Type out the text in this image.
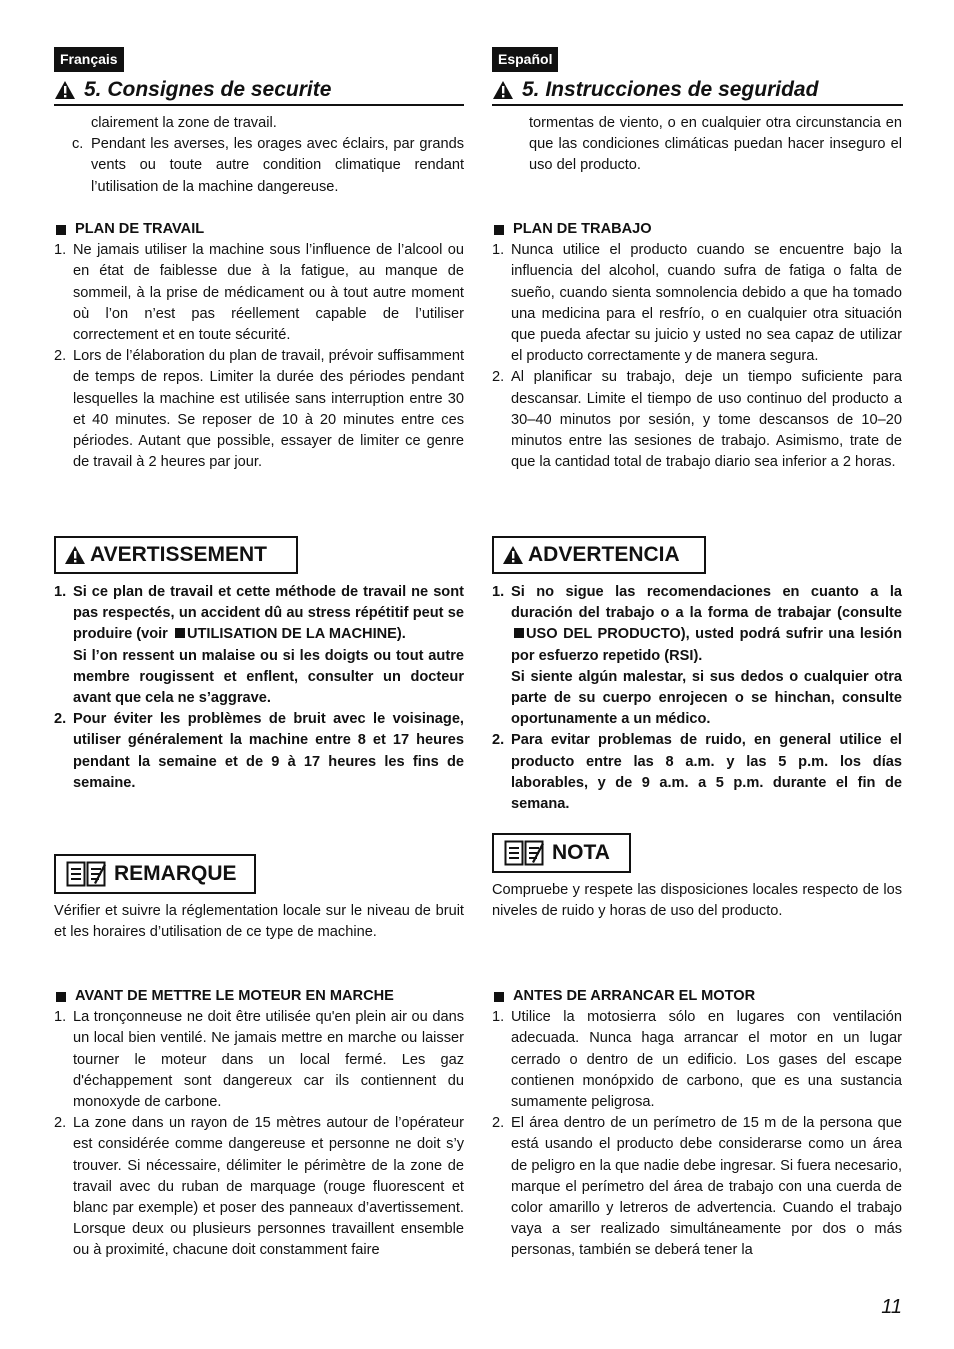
Français
5. Consignes de securite
clairement la zone de travail.
c. Pendant les averses, les orages avec éclairs, par grands vents ou toute autre condition climatique rendant l’utilisation de la machine dangereuse.
PLAN DE TRAVAIL
1. Ne jamais utiliser la machine sous l’influence de l’alcool ou en état de faiblesse due à la fatigue, au manque de sommeil, à la prise de médicament ou à tout autre moment où l’on n’est pas réellement capable de l’utiliser correctement et en toute sécurité.
2. Lors de l’élaboration du plan de travail, prévoir suffisamment de temps de repos. Limiter la durée des périodes pendant lesquelles la machine est utilisée sans interruption entre 30 et 40 minutes. Se reposer de 10 à 20 minutes entre ces périodes. Autant que possible, essayer de limiter ce genre de travail à 2 heures par jour.
AVERTISSEMENT
1. Si ce plan de travail et cette méthode de travail ne sont pas respectés, un accident dû au stress répétitif peut se produire (voir UTILISATION DE LA MACHINE).
Si l’on ressent un malaise ou si les doigts ou tout autre membre rougissent et enflent, consulter un docteur avant que cela ne s’aggrave.
2. Pour éviter les problèmes de bruit avec le voisinage, utiliser généralement la machine entre 8 et 17 heures pendant la semaine et de 9 à 17 heures les fins de semaine.
REMARQUE
Vérifier et suivre la réglementation locale sur le niveau de bruit et les horaires d’utilisation de ce type de machine.
AVANT DE METTRE LE MOTEUR EN MARCHE
1. La tronçonneuse ne doit être utilisée qu'en plein air ou dans un local bien ventilé. Ne jamais mettre en marche ou laisser tourner le moteur dans un local fermé. Les gaz d'échappement sont dangereux car ils contiennent du monoxyde de carbone.
2. La zone dans un rayon de 15 mètres autour de l’opérateur est considérée comme dangereuse et personne ne doit s’y trouver. Si nécessaire, délimiter le périmètre de la zone de travail avec du ruban de marquage (rouge fluorescent et blanc par exemple) et poser des panneaux d’avertissement. Lorsque deux ou plusieurs personnes travaillent ensemble ou à proximité, chacune doit constamment faire
Español
5. Instrucciones de seguridad
tormentas de viento, o en cualquier otra circunstancia en que las condiciones climáticas puedan hacer inseguro el uso del producto.
PLAN DE TRABAJO
1. Nunca utilice el producto cuando se encuentre bajo la influencia del alcohol, cuando sufra de fatiga o falta de sueño, cuando sienta somnolencia debido a que ha tomado una medicina para el resfrío, o en cualquier otra situación que pueda afectar su juicio y usted no sea capaz de utilizar el producto correctamente y de manera segura.
2. Al planificar su trabajo, deje un tiempo suficiente para descansar. Limite el tiempo de uso continuo del producto a 30–40 minutos por sesión, y tome descansos de 10–20 minutos entre las sesiones de trabajo. Asimismo, trate de que la cantidad total de trabajo diario sea inferior a 2 horas.
ADVERTENCIA
1. Si no sigue las recomendaciones en cuanto a la duración del trabajo o a la forma de trabajar (consulte USO DEL PRODUCTO), usted podrá sufrir una lesión por esfuerzo repetido (RSI).
Si siente algún malestar, si sus dedos o cualquier otra parte de su cuerpo enrojecen o se hinchan, consulte oportunamente a un médico.
2. Para evitar problemas de ruido, en general utilice el producto entre las 8 a.m. y las 5 p.m. los días laborables, y de 9 a.m. a 5 p.m. durante el fin de semana.
NOTA
Compruebe y respete las disposiciones locales respecto de los niveles de ruido y horas de uso del producto.
ANTES DE ARRANCAR EL MOTOR
1. Utilice la motosierra sólo en lugares con ventilación adecuada. Nunca haga arrancar el motor en un lugar cerrado o dentro de un edificio. Los gases del escape contienen monópxido de carbono, que es una sustancia sumamente peligrosa.
2. El área dentro de un perímetro de 15 m de la persona que está usando el producto debe considerarse como un área de peligro en la que nadie debe ingresar. Si fuera necesario, marque el perímetro del área de trabajo con una cuerda de color amarillo y letreros de advertencia. Cuando el trabajo vaya a ser realizado simultáneamente por dos o más personas, también se deberá tener la
11
